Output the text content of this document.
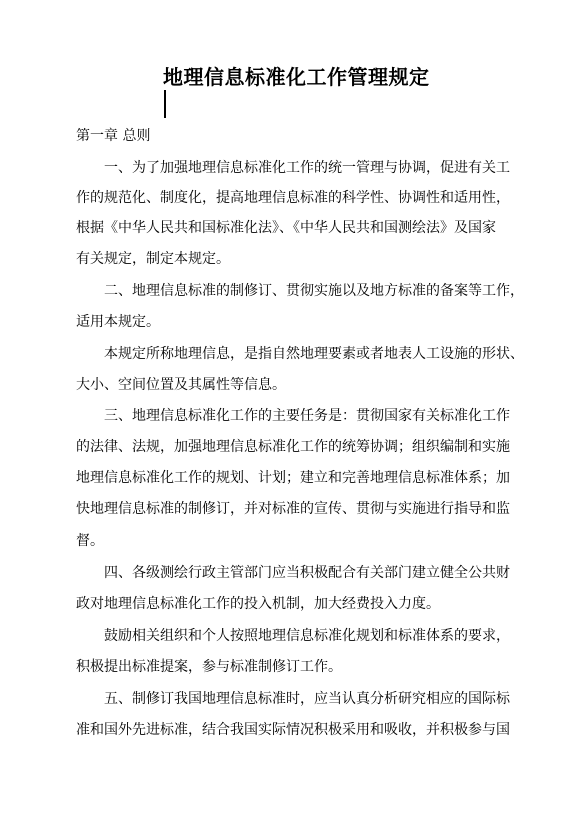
地理信息标准化工作管理规定
第一章 总则
一、为了加强地理信息标准化工作的统一管理与协调，促进有关工
作的规范化、制度化，提高地理信息标准的科学性、协调性和适用性，
根据《中华人民共和国标准化法》、《中华人民共和国测绘法》及国家
有关规定，制定本规定。
二、地理信息标准的制修订、贯彻实施以及地方标准的备案等工作，
适用本规定。
本规定所称地理信息，是指自然地理要素或者地表人工设施的形状、
大小、空间位置及其属性等信息。
三、地理信息标准化工作的主要任务是：贯彻国家有关标准化工作
的法律、法规，加强地理信息标准化工作的统筹协调；组织编制和实施
地理信息标准化工作的规划、计划；建立和完善地理信息标准体系；加
快地理信息标准的制修订，并对标准的宣传、贯彻与实施进行指导和监
督。
四、各级测绘行政主管部门应当积极配合有关部门建立健全公共财
政对地理信息标准化工作的投入机制，加大经费投入力度。
鼓励相关组织和个人按照地理信息标准化规划和标准体系的要求，
积极提出标准提案，参与标准制修订工作。
五、制修订我国地理信息标准时，应当认真分析研究相应的国际标
准和国外先进标准，结合我国实际情况积极采用和吸收，并积极参与国
